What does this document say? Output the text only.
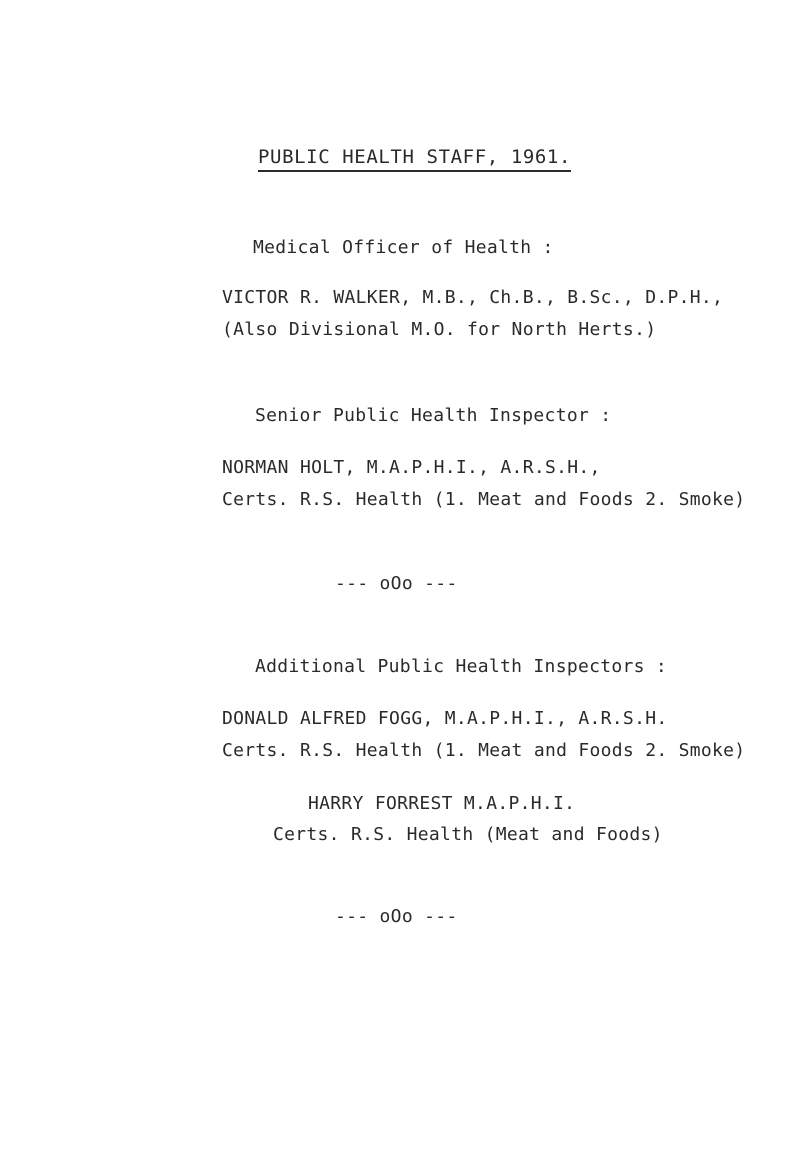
PUBLIC HEALTH STAFF, 1961.
Medical Officer of Health :
VICTOR R. WALKER, M.B., Ch.B., B.Sc., D.P.H.,
(Also Divisional M.O. for North Herts.)
Senior Public Health Inspector :
NORMAN HOLT, M.A.P.H.I., A.R.S.H.,
Certs. R.S. Health (1. Meat and Foods 2. Smoke)
--- oOo ---
Additional Public Health Inspectors :
DONALD ALFRED FOGG, M.A.P.H.I., A.R.S.H.
Certs. R.S. Health (1. Meat and Foods 2. Smoke)
HARRY FORREST M.A.P.H.I.
Certs. R.S. Health (Meat and Foods)
--- oOo ---
